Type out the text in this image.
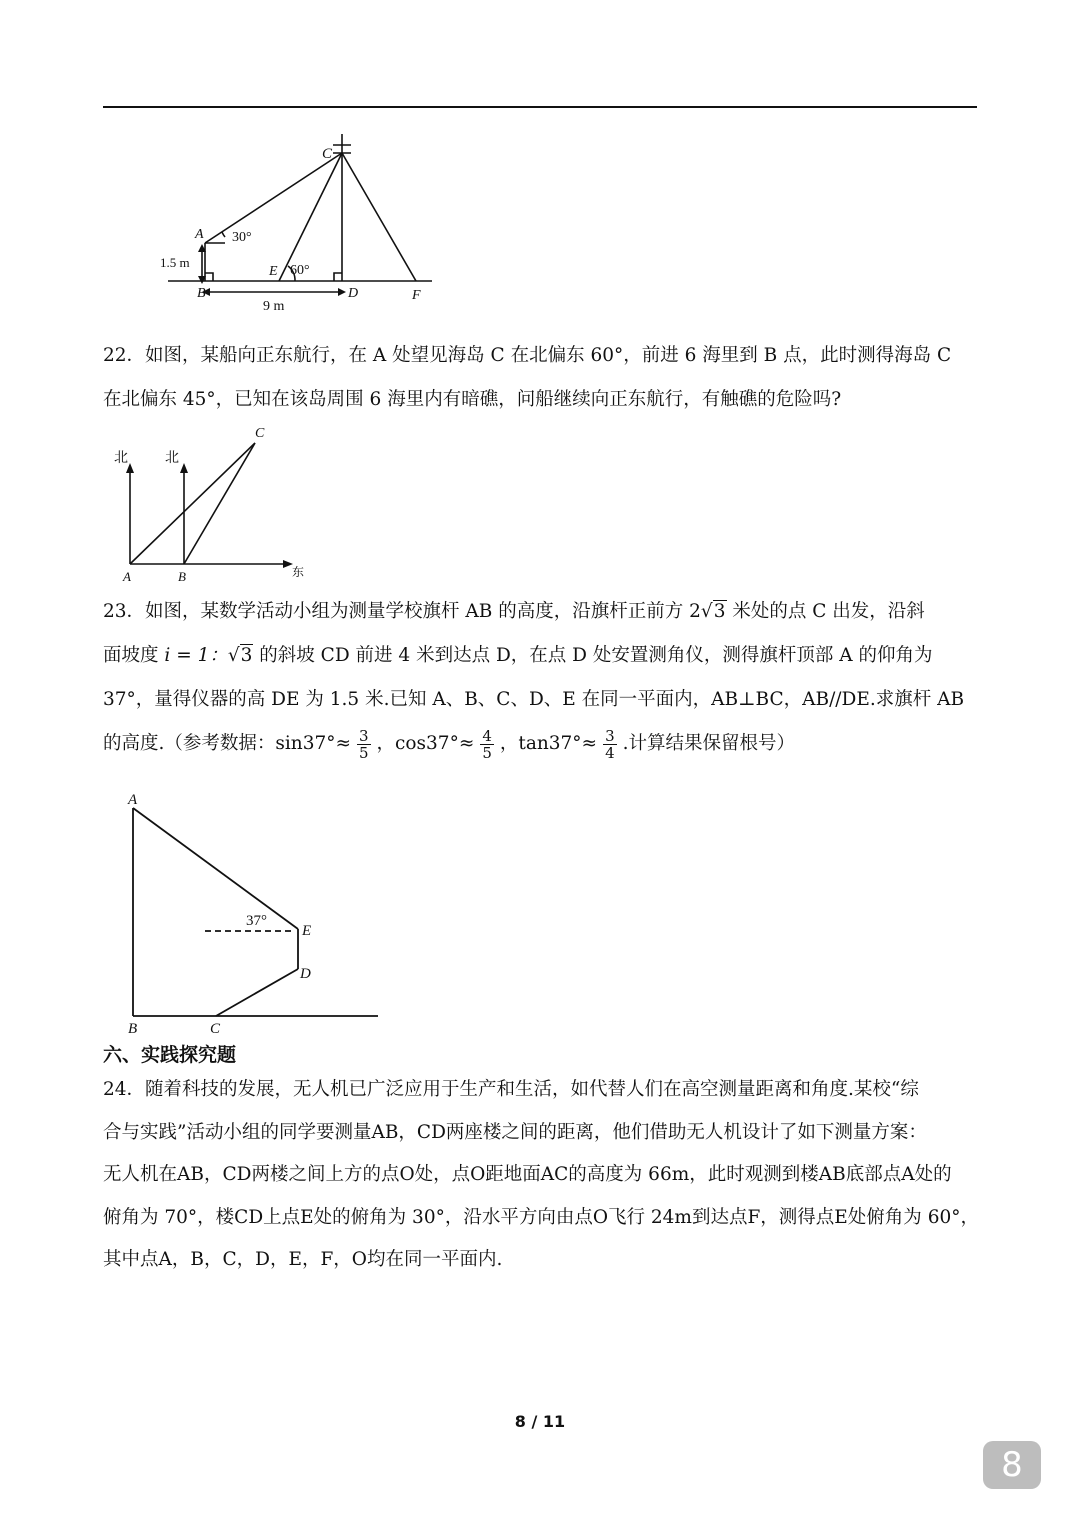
C
A 30°
1.5 m
E 60°
B	D	F
9 m
22．如图，某船向正东航行，在 A 处望见海岛 C 在北偏东 60°，前进 6 海里到 B 点，此时测得海岛 C
在北偏东 45°，已知在该岛周围 6 海里内有暗礁，问船继续向正东航行，有触礁的危险吗?
北	北
C
A	B	东
23．如图，某数学活动小组为测量学校旗杆 AB 的高度，沿旗杆正前方 2√3 米处的点 C 出发，沿斜
面坡度 i = 1：√3 的斜坡 CD 前进 4 米到达点 D，在点 D 处安置测角仪，测得旗杆顶部 A 的仰角为
37°，量得仪器的高 DE 为 1.5 米.已知 A、B、C、D、E 在同一平面内，AB⊥BC，AB//DE.求旗杆 AB
的高度.（参考数据：$\sin 37^\circ\approx \frac{3}{5}$ ，$\cos 37^\circ\approx \frac{4}{5}$ ，$\tan 37^\circ\approx \frac{3}{4}$ .计算结果保留根号）
A
37°
E
D
B	C
六、实践探究题
24．随着科技的发展，无人机已广泛应用于生产和生活，如代替人们在高空测量距离和角度.某校“综
合与实践”活动小组的同学要测量AB，CD两座楼之间的距离，他们借助无人机设计了如下测量方案：
无人机在AB，CD两楼之间上方的点O处，点O距地面AC的高度为 66m，此时观测到楼AB底部点A处的
俯角为 70°，楼CD上点E处的俯角为 30°，沿水平方向由点O飞行 24m到达点F，测得点E处俯角为 60°，
其中点A，B，C，D，E，F，O均在同一平面内.
8 / 11
8
